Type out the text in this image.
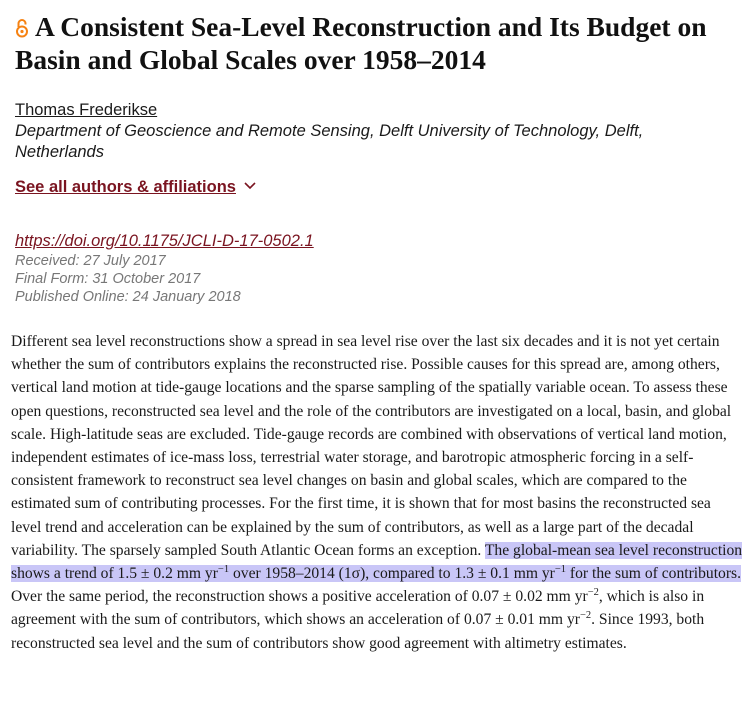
A Consistent Sea-Level Reconstruction and Its Budget on Basin and Global Scales over 1958–2014
Thomas Frederikse
Department of Geoscience and Remote Sensing, Delft University of Technology, Delft, Netherlands
See all authors & affiliations
https://doi.org/10.1175/JCLI-D-17-0502.1
Received: 27 July 2017
Final Form: 31 October 2017
Published Online: 24 January 2018

Different sea level reconstructions show a spread in sea level rise over the last six decades and it is not yet certain whether the sum of contributors explains the reconstructed rise. Possible causes for this spread are, among others, vertical land motion at tide-gauge locations and the sparse sampling of the spatially variable ocean. To assess these open questions, reconstructed sea level and the role of the contributors are investigated on a local, basin, and global scale. High-latitude seas are excluded. Tide-gauge records are combined with observations of vertical land motion, independent estimates of ice-mass loss, terrestrial water storage, and barotropic atmospheric forcing in a self-consistent framework to reconstruct sea level changes on basin and global scales, which are compared to the estimated sum of contributing processes. For the first time, it is shown that for most basins the reconstructed sea level trend and acceleration can be explained by the sum of contributors, as well as a large part of the decadal variability. The sparsely sampled South Atlantic Ocean forms an exception. The global-mean sea level reconstruction shows a trend of 1.5 ± 0.2 mm $yr^{-1}$ over 1958–2014 (1σ), compared to 1.3 ± 0.1 mm $yr^{-1}$ for the sum of contributors. Over the same period, the reconstruction shows a positive acceleration of 0.07 ± 0.02 mm $yr^{-2}$, which is also in agreement with the sum of contributors, which shows an acceleration of 0.07 ± 0.01 mm $yr^{-2}$. Since 1993, both reconstructed sea level and the sum of contributors show good agreement with altimetry estimates.
